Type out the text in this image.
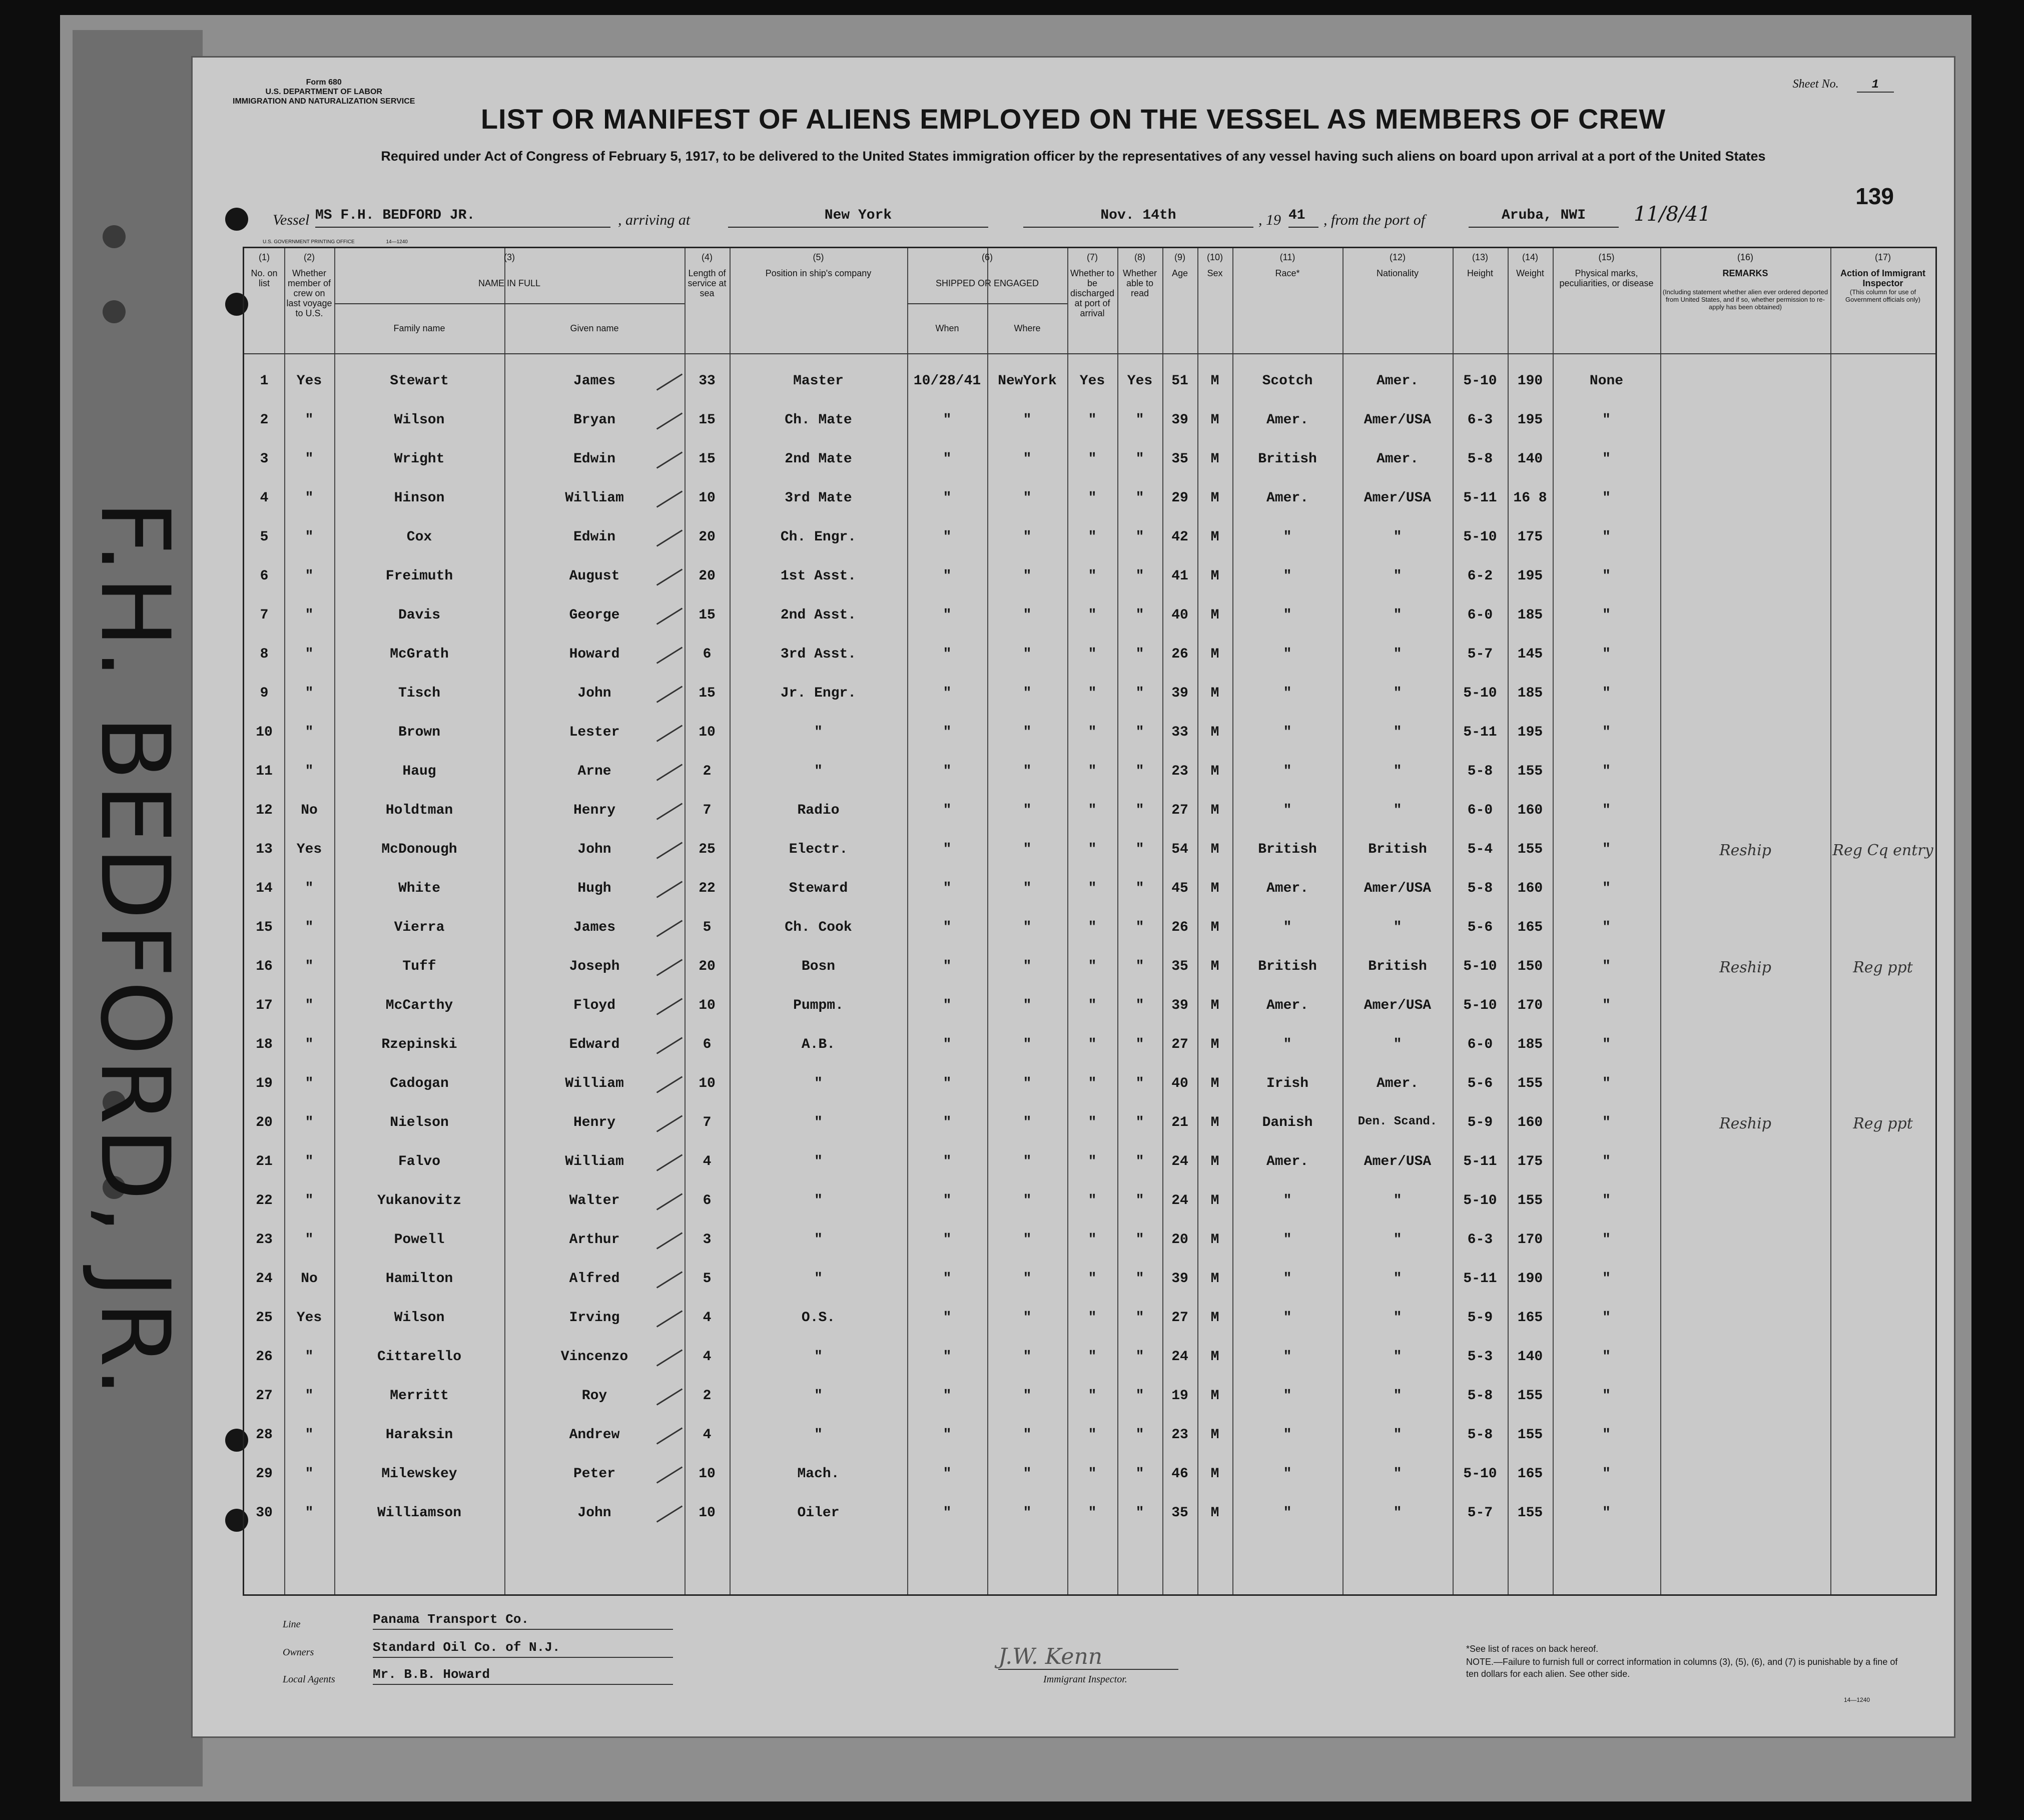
Form 680
U.S. DEPARTMENT OF LABOR
IMMIGRATION AND NATURALIZATION SERVICE
Sheet No.	1
LIST OR MANIFEST OF ALIENS EMPLOYED ON THE VESSEL AS MEMBERS OF CREW
Required under Act of Congress of February 5, 1917, to be delivered to the United States immigration officer by the representatives of any vessel having such aliens on board upon arrival at a port of the United States
139
Vessel MS F.H. BEDFORD JR.	, arriving at	New York	Nov. 14th	, 19 41	, from the port of	Aruba, NWI	11/8/41
U.S. GOVERNMENT PRINTING OFFICE	14—1240
(1)
No. on list
(2)
Whether member of crew on last voyage to U.S.
(3)
NAME IN FULL
Family name	Given name
(4)
Length of service at sea
(5)
Position in ship's company
(6)
SHIPPED OR ENGAGED
When	Where
(7)
Whether to be discharged at port of arrival
(8)
Whether able to read
(9)
Age
(10)
Sex
(11)
Race*
(12)
Nationality
(13)
Height
(14)
Weight
(15)
Physical marks, peculiarities, or disease
(16)
REMARKS
(Including statement whether alien ever ordered deported from United States, and if so, whether permission to re-apply has been obtained)
(17)
Action of Immigrant Inspector
(This column for use of Government officials only)
1	Yes	Stewart	James	33	Master	10/28/41	NewYork	Yes	Yes	51	M	Scotch	Amer.	5-10	190	None
2	"	Wilson	Bryan	15	Ch. Mate	"	"	"	"	39	M	Amer.	Amer/USA	6-3	195	"
3	"	Wright	Edwin	15	2nd Mate	"	"	"	"	35	M	British	Amer.	5-8	140	"
4	"	Hinson	William	10	3rd Mate	"	"	"	"	29	M	Amer.	Amer/USA	5-11	16 8	"
5	"	Cox	Edwin	20	Ch. Engr.	"	"	"	"	42	M	"	"	5-10	175	"
6	"	Freimuth	August	20	1st Asst.	"	"	"	"	41	M	"	"	6-2	195	"
7	"	Davis	George	15	2nd Asst.	"	"	"	"	40	M	"	"	6-0	185	"
8	"	McGrath	Howard	6	3rd Asst.	"	"	"	"	26	M	"	"	5-7	145	"
9	"	Tisch	John	15	Jr. Engr.	"	"	"	"	39	M	"	"	5-10	185	"
10	"	Brown	Lester	10	"	"	"	"	"	33	M	"	"	5-11	195	"
11	"	Haug	Arne	2	"	"	"	"	"	23	M	"	"	5-8	155	"
12	No	Holdtman	Henry	7	Radio	"	"	"	"	27	M	"	"	6-0	160	"
13	Yes	McDonough	John	25	Electr.	"	"	"	"	54	M	British	British	5-4	155	"	Reship	Reg Cq entry
14	"	White	Hugh	22	Steward	"	"	"	"	45	M	Amer.	Amer/USA	5-8	160	"
15	"	Vierra	James	5	Ch. Cook	"	"	"	"	26	M	"	"	5-6	165	"
16	"	Tuff	Joseph	20	Bosn	"	"	"	"	35	M	British	British	5-10	150	"	Reship	Reg ppt
17	"	McCarthy	Floyd	10	Pumpm.	"	"	"	"	39	M	Amer.	Amer/USA	5-10	170	"
18	"	Rzepinski	Edward	6	A.B.	"	"	"	"	27	M	"	"	6-0	185	"
19	"	Cadogan	William	10	"	"	"	"	"	40	M	Irish	Amer.	5-6	155	"
20	"	Nielson	Henry	7	"	"	"	"	"	21	M	Danish	Den. Scand.	5-9	160	"	Reship	Reg ppt
21	"	Falvo	William	4	"	"	"	"	"	24	M	Amer.	Amer/USA	5-11	175	"
22	"	Yukanovitz	Walter	6	"	"	"	"	"	24	M	"	"	5-10	155	"
23	"	Powell	Arthur	3	"	"	"	"	"	20	M	"	"	6-3	170	"
24	No	Hamilton	Alfred	5	"	"	"	"	"	39	M	"	"	5-11	190	"
25	Yes	Wilson	Irving	4	O.S.	"	"	"	"	27	M	"	"	5-9	165	"
26	"	Cittarello	Vincenzo	4	"	"	"	"	"	24	M	"	"	5-3	140	"
27	"	Merritt	Roy	2	"	"	"	"	"	19	M	"	"	5-8	155	"
28	"	Haraksin	Andrew	4	"	"	"	"	"	23	M	"	"	5-8	155	"
29	"	Milewskey	Peter	10	Mach.	"	"	"	"	46	M	"	"	5-10	165	"
30	"	Williamson	John	10	Oiler	"	"	"	"	35	M	"	"	5-7	155	"
Line	Panama Transport Co.
Owners	Standard Oil Co. of N.J.
Local Agents	Mr. B.B. Howard
J.W. Kenn
Immigrant Inspector.
*See list of races on back hereof.
NOTE.—Failure to furnish full or correct information in columns (3), (5), (6), and (7) is punishable by a fine of ten dollars for each alien. See other side.
14—1240
